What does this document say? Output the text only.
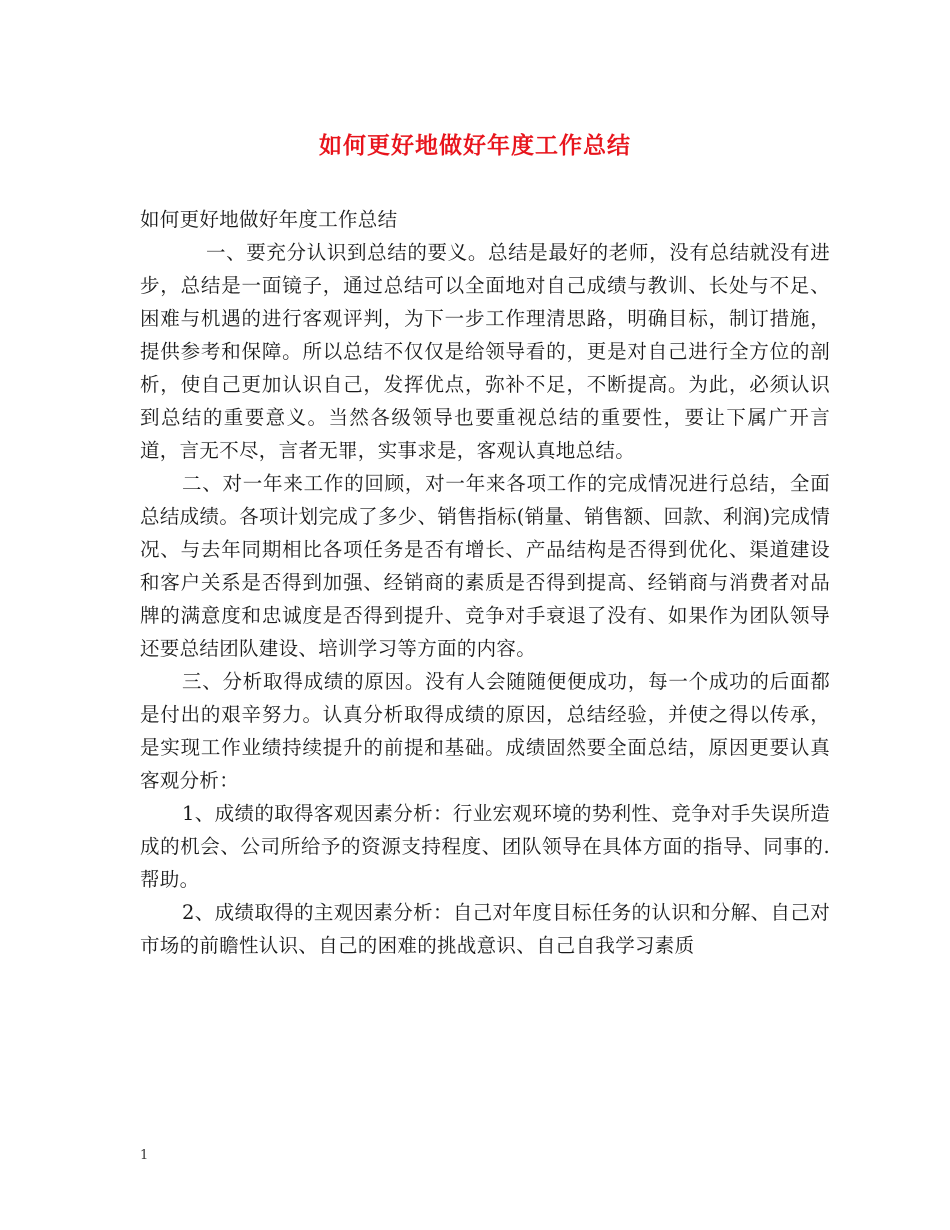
如何更好地做好年度工作总结

如何更好地做好年度工作总结

一、要充分认识到总结的要义。总结是最好的老师，没有总结就没有进步，总结是一面镜子，通过总结可以全面地对自己成绩与教训、长处与不足、困难与机遇的进行客观评判，为下一步工作理清思路，明确目标，制订措施，提供参考和保障。所以总结不仅仅是给领导看的，更是对自己进行全方位的剖析，使自己更加认识自己，发挥优点，弥补不足，不断提高。为此，必须认识到总结的重要意义。当然各级领导也要重视总结的重要性，要让下属广开言道，言无不尽，言者无罪，实事求是，客观认真地总结。

二、对一年来工作的回顾，对一年来各项工作的完成情况进行总结，全面总结成绩。各项计划完成了多少、销售指标(销量、销售额、回款、利润)完成情况、与去年同期相比各项任务是否有增长、产品结构是否得到优化、渠道建设和客户关系是否得到加强、经销商的素质是否得到提高、经销商与消费者对品牌的满意度和忠诚度是否得到提升、竞争对手衰退了没有、如果作为团队领导还要总结团队建设、培训学习等方面的内容。

三、分析取得成绩的原因。没有人会随随便便成功，每一个成功的后面都是付出的艰辛努力。认真分析取得成绩的原因，总结经验，并使之得以传承，是实现工作业绩持续提升的前提和基础。成绩固然要全面总结，原因更要认真客观分析：

1、成绩的取得客观因素分析：行业宏观环境的势利性、竞争对手失误所造成的机会、公司所给予的资源支持程度、团队领导在具体方面的指导、同事的.帮助。

2、成绩取得的主观因素分析：自己对年度目标任务的认识和分解、自己对市场的前瞻性认识、自己的困难的挑战意识、自己自我学习素质

1
